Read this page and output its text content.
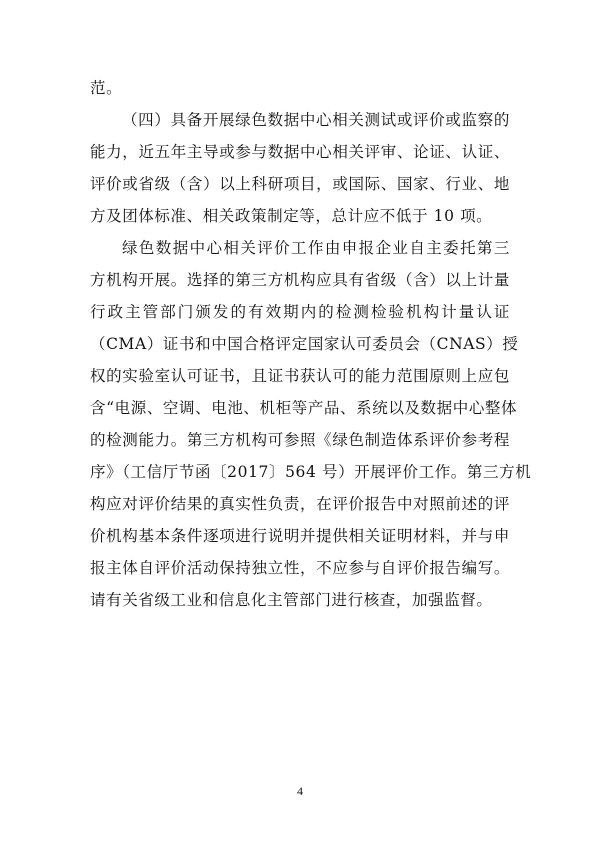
范。
（四）具备开展绿色数据中心相关测试或评价或监察的
能力，近五年主导或参与数据中心相关评审、论证、认证、
评价或省级（含）以上科研项目，或国际、国家、行业、地
方及团体标准、相关政策制定等，总计应不低于 10 项。
绿色数据中心相关评价工作由申报企业自主委托第三
方机构开展。选择的第三方机构应具有省级（含）以上计量
行政主管部门颁发的有效期内的检测检验机构计量认证
（CMA）证书和中国合格评定国家认可委员会（CNAS）授
权的实验室认可证书，且证书获认可的能力范围原则上应包
含“电源、空调、电池、机柜等产品、系统以及数据中心整体
的检测能力。第三方机构可参照《绿色制造体系评价参考程
序》（工信厅节函〔2017〕564 号）开展评价工作。第三方机
构应对评价结果的真实性负责，在评价报告中对照前述的评
价机构基本条件逐项进行说明并提供相关证明材料，并与申
报主体自评价活动保持独立性，不应参与自评价报告编写。
请有关省级工业和信息化主管部门进行核查，加强监督。
4
